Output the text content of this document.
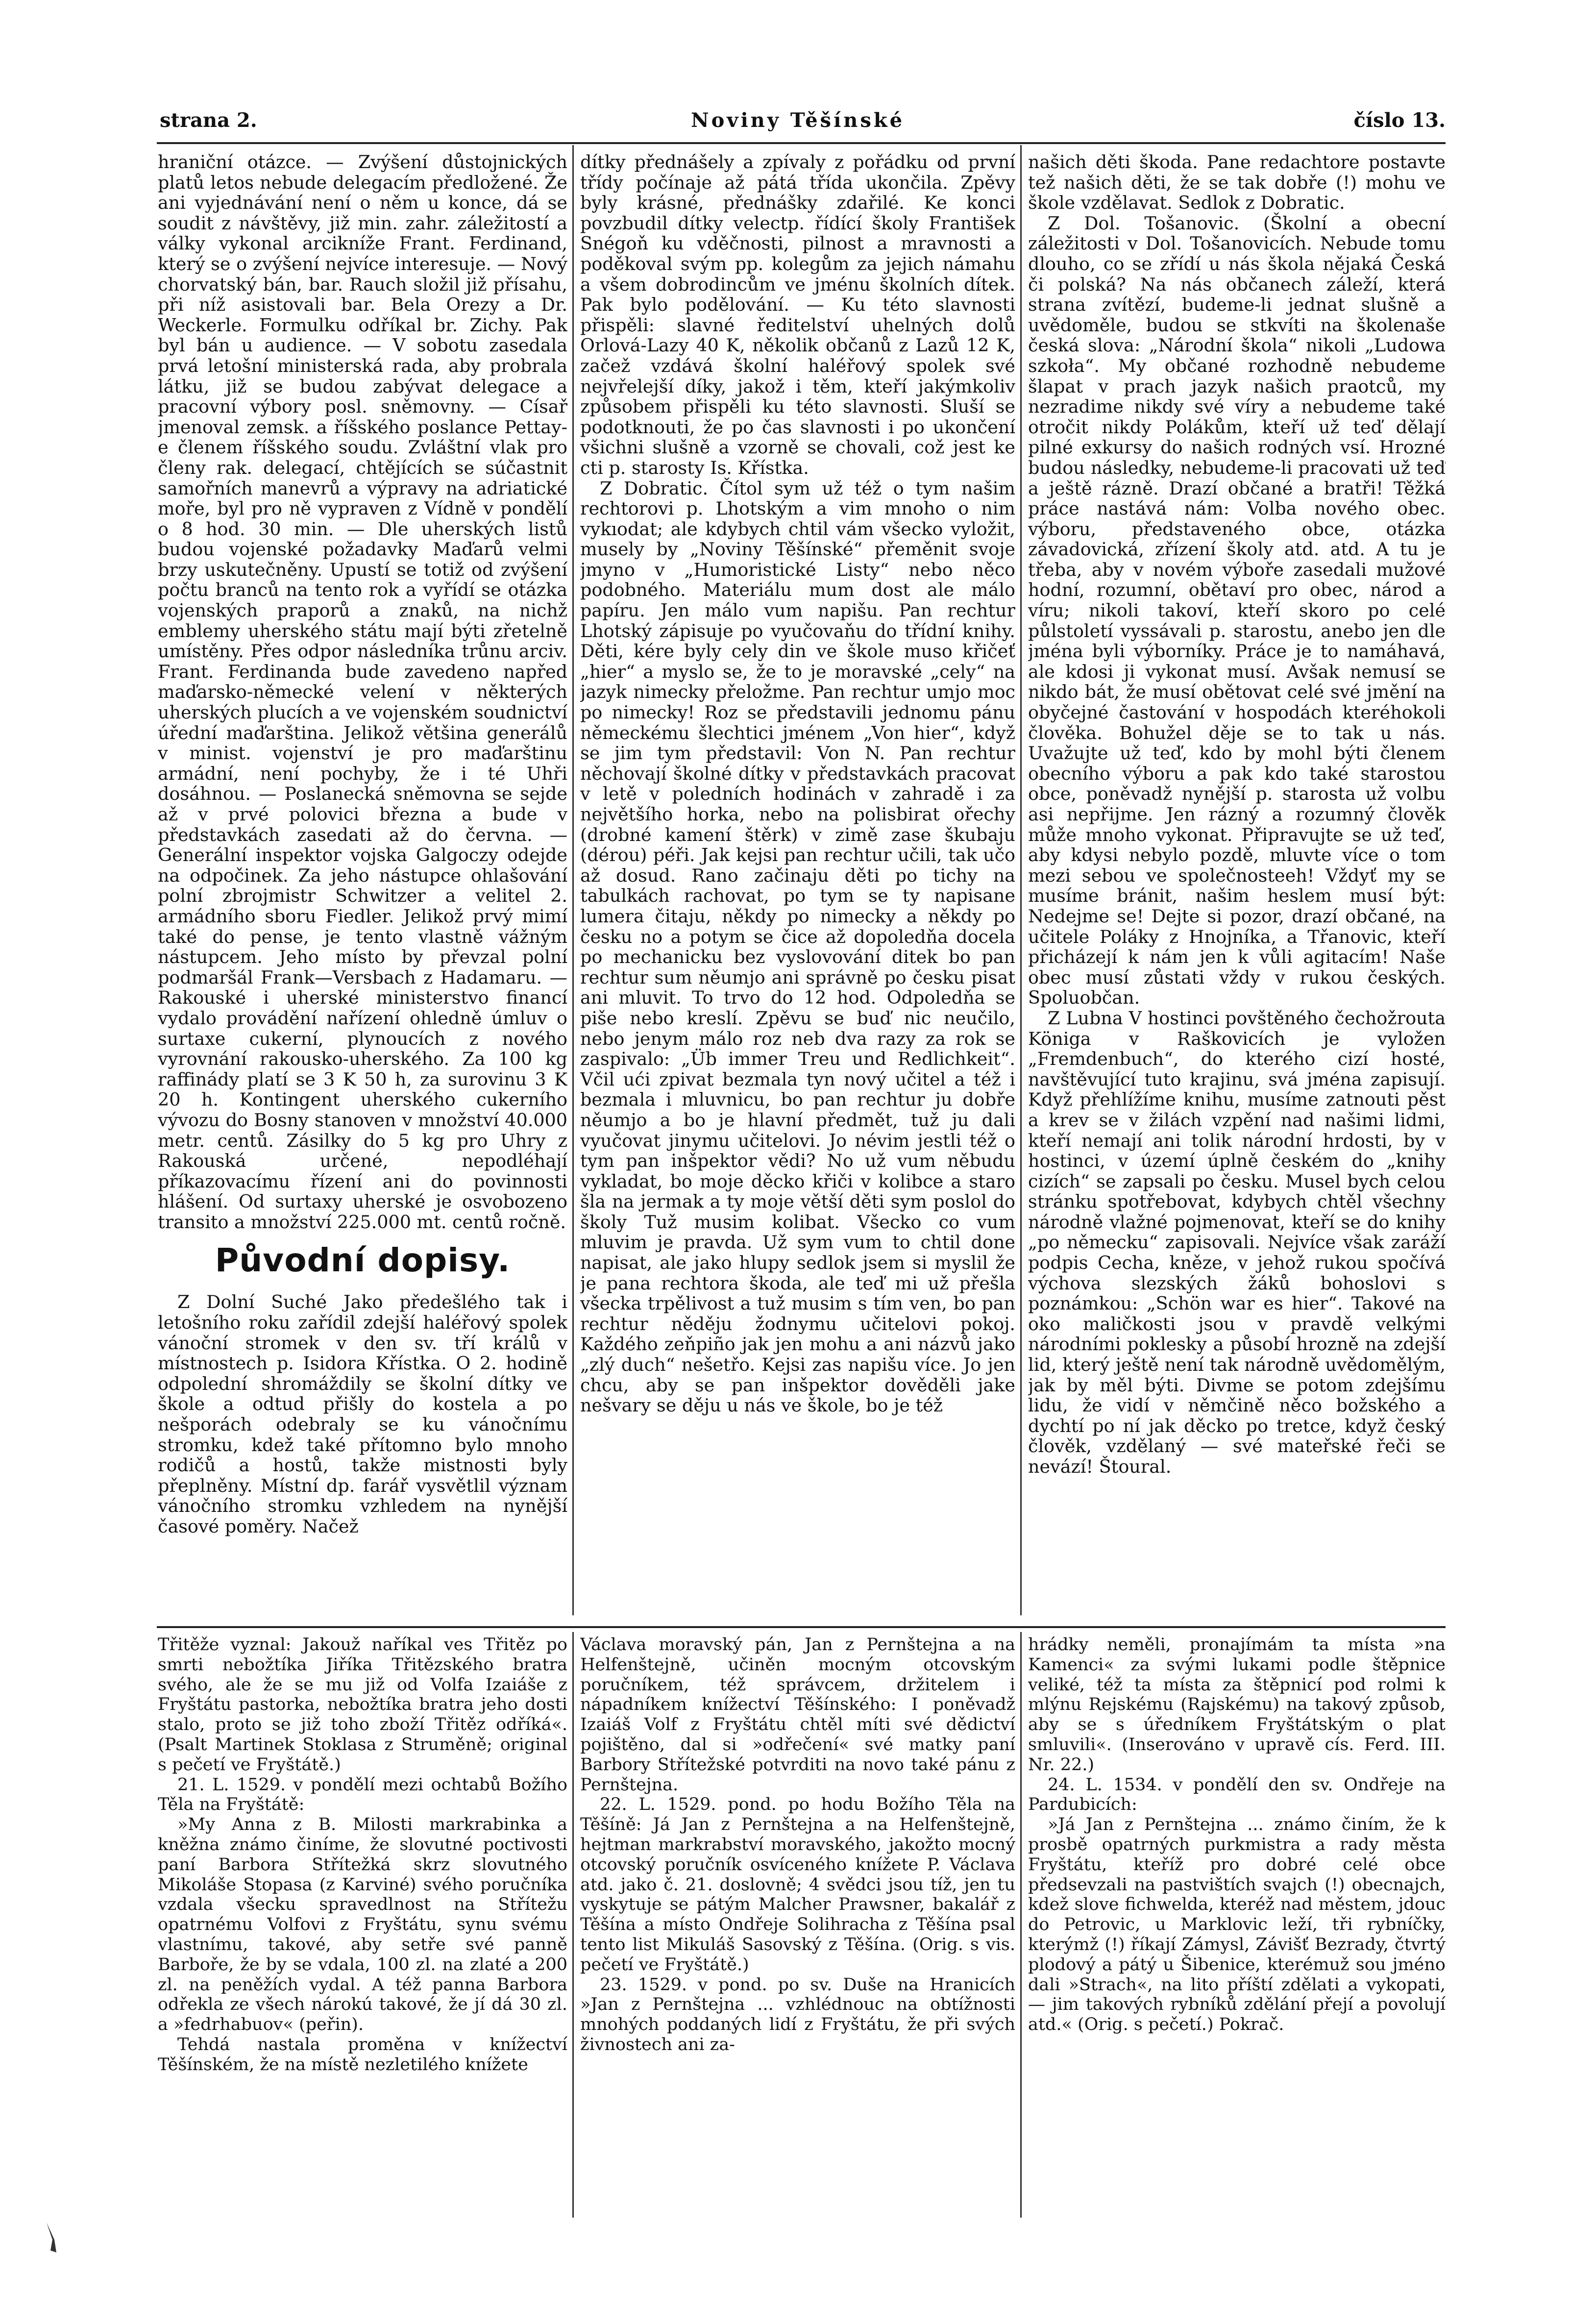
strana 2.	Noviny Těšínské	číslo 13.

hraniční otázce. — Zvýšení důstojnických platů letos nebude delegacím předložené. Že ani vyjednávání není o něm u konce, dá se soudit z návštěvy, již min. zahr. záležitostí a války vykonal arcikníže Frant. Ferdinand, který se o zvýšení nejvíce interesuje. — Nový chorvatský bán, bar. Rauch složil již přísahu, při níž asistovali bar. Bela Orezy a Dr. Weckerle. Formulku odříkal br. Zichy. Pak byl bán u audience. — V sobotu zasedala prvá letošní ministerská rada, aby probrala látku, již se budou zabývat delegace a pracovní výbory posl. sněmovny. — Císař jmenoval zemsk. a říšského poslance Pettay-e členem říšského soudu. Zvláštní vlak pro členy rak. delegací, chtějících se súčastnit samořních manevrů a výpravy na adriatické moře, byl pro ně vypraven z Vídně v pondělí o 8 hod. 30 min. — Dle uherských listů budou vojenské požadavky Maďarů velmi brzy uskutečněny. Upustí se totiž od zvýšení počtu branců na tento rok a vyřídí se otázka vojenských praporů a znaků, na nichž emblemy uherského státu mají býti zřetelně umístěny. Přes odpor následníka trůnu arciv. Frant. Ferdinanda bude zavedeno napřed maďarsko-německé velení v některých uherských plucích a ve vojenském soudnictví úřední maďarština. Jelikož většina generálů v minist. vojenství je pro maďarštinu armádní, není pochyby, že i té Uhři dosáhnou. — Poslanecká sněmovna se sejde až v prvé polovici března a bude v představkách zasedati až do června. — Generální inspektor vojska Galgoczy odejde na odpočinek. Za jeho nástupce ohlašování polní zbrojmistr Schwitzer a velitel 2. armádního sboru Fiedler. Jelikož prvý mimí také do pense, je tento vlastně vážným nástupcem. Jeho místo by převzal polní podmaršál Frank—Versbach z Hadamaru. — Rakouské i uherské ministerstvo financí vydalo provádění nařízení ohledně úmluv o surtaxe cukerní, plynoucích z nového vyrovnání rakousko-uherského. Za 100 kg raffinády platí se 3 K 50 h, za surovinu 3 K 20 h. Kontingent uherského cukerního vývozu do Bosny stanoven v množství 40.000 metr. centů. Zásilky do 5 kg pro Uhry z Rakouská určené, nepodléhají příkazovacímu řízení ani do povinnosti hlášení. Od surtaxy uherské je osvobozeno transito a množství 225.000 mt. centů ročně.

Původní dopisy.

Z Dolní Suché Jako předešlého tak i letošního roku zařídil zdejší haléřový spolek vánoční stromek v den sv. tří králů v místnostech p. Isidora Křístka. O 2. hodině odpolední shromáždily se školní dítky ve škole a odtud přišly do kostela a po nešporách odebraly se ku vánočnímu stromku, kdež také přítomno bylo mnoho rodičů a hostů, takže mistnosti byly přeplněny. Místní dp. farář vysvětlil význam vánočního stromku vzhledem na nynější časové poměry. Načež

dítky přednášely a zpívaly z pořádku od první třídy počínaje až pátá třída ukončila. Zpěvy byly krásné, přednášky zdařilé. Ke konci povzbudil dítky velectp. řídící školy František Snégoň ku vděčnosti, pilnost a mravnosti a poděkoval svým pp. kolegům za jejich námahu a všem dobrodincům ve jménu školních dítek. Pak bylo podělování. — Ku této slavnosti přispěli: slavné ředitelství uhelných dolů Orlová-Lazy 40 K, několik občanů z Lazů 12 K, začež vzdává školní haléřový spolek své nejvřelejší díky, jakož i těm, kteří jakýmkoliv způsobem přispěli ku této slavnosti. Sluší se podotknouti, že po čas slavnosti i po ukončení všichni slušně a vzorně se chovali, což jest ke cti p. starosty Is. Křístka.

Z Dobratic. Čítol sym už též o tym našim rechtorovi p. Lhotským a vim mnoho o nim vykıodat; ale kdybych chtil vám všecko vyložit, musely by „Noviny Těšínské“ přeměnit svoje jmyno v „Humoristické Listy“ nebo něco podobného. Materiálu mum dost ale málo papíru. Jen málo vum napišu. Pan rechtur Lhotský zápisuje po vyučovaňu do třídní knihy. Děti, kére byly cely din ve škole muso křičeť „hier“ a myslo se, že to je moravské „cely“ na jazyk nimecky přeložme. Pan rechtur umjo moc po nimecky! Roz se představili jednomu pánu německému šlechtici jménem „Von hier“, když se jim tym představil: Von N. Pan rechtur něchovají školné dítky v představkách pracovat v letě v poledních hodinách v zahradě i za největšího horka, nebo na polisbirat ořechy (drobné kamení štěrk) v zimě zase škubaju (dérou) péři. Jak kejsi pan rechtur učili, tak učo až dosud. Rano začinaju děti po tichy na tabulkách rachovat, po tym se ty napisane lumera čitaju, někdy po nimecky a někdy po česku no a potym se čice až dopoledňa docela po mechanicku bez vyslovování ditek bo pan rechtur sum něumjo ani správně po česku pisat ani mluvit. To trvo do 12 hod. Odpoledňa se piše nebo kreslí. Zpěvu se buď nic neučilo, nebo jenym málo roz neb dva razy za rok se zaspivalo: „Üb immer Treu und Redlichkeit“. Včil ući zpivat bezmala tyn nový učitel a též i bezmala i mluvnicu, bo pan rechtur ju dobře něumjo a bo je hlavní předmět, tuž ju dali vyučovat jinymu učitelovi. Jo névim jestli též o tym pan inšpektor vědi? No už vum něbudu vykladat, bo moje děcko křiči v kolibce a staro šla na jermak a ty moje větší děti sym poslol do školy Tuž musim kolibat. Všecko co vum mluvim je pravda. Už sym vum to chtil done napisat, ale jako hlupy sedlok jsem si myslil že je pana rechtora škoda, ale teď mi už přešla všecka trpělivost a tuž musim s tím ven, bo pan rechtur něděju žodnymu učitelovi pokoj. Každého zeňpiño jak jen mohu a ani názvů jako „zlý duch“ nešetřo. Kejsi zas napišu více. Jo jen chcu, aby se pan inšpektor dověděli jake nešvary se děju u nás ve škole, bo je též

našich děti škoda. Pane redachtore postavte tež našich děti, že se tak dobře (!) mohu ve škole vzdělavat. Sedlok z Dobratic.

Z Dol. Tošanovic. (Školní a obecní záležitosti v Dol. Tošanovicích. Nebude tomu dlouho, co se zřídí u nás škola nějaká Česká či polská? Na nás občanech záleží, která strana zvítězí, budeme-li jednat slušně a uvědoměle, budou se stkvíti na školenaše česká slova: „Národní škola“ nikoli „Ludowa szkoła“. My občané rozhodně nebudeme šlapat v prach jazyk našich praotců, my nezradime nikdy své víry a nebudeme také otročit nikdy Polákům, kteří už teď dělají pilné exkursy do našich rodných vsí. Hrozné budou následky, nebudeme-li pracovati už teď a ještě rázně. Drazí občané a bratři! Těžká práce nastává nám: Volba nového obec. výboru, představeného obce, otázka závadovická, zřízení školy atd. atd. A tu je třeba, aby v novém výboře zasedali mužové hodní, rozumní, obětaví pro obec, národ a víru; nikoli takoví, kteří skoro po celé půlstoletí vyssávali p. starostu, anebo jen dle jména byli výborníky. Práce je to namáhavá, ale kdosi ji vykonat musí. Avšak nemusí se nikdo bát, že musí obětovat celé své jmění na obyčejné častování v hospodách kteréhokoli člověka. Bohužel děje se to tak u nás. Uvažujte už teď, kdo by mohl býti členem obecního výboru a pak kdo také starostou obce, poněvadž nynější p. starosta už volbu asi nepřijme. Jen rázný a rozumný člověk může mnoho vykonat. Připravujte se už teď, aby kdysi nebylo pozdě, mluvte více o tom mezi sebou ve společnosteeh! Vždyť my se musíme bránit, našim heslem musí být: Nedejme se! Dejte si pozor, drazí občané, na učitele Poláky z Hnojníka, a Třanovic, kteří přicházejí k nám jen k vůli agitacím! Naše obec musí zůstati vždy v rukou českých. Spoluobčan.

Z Lubna V hostinci povštěného čechožrouta Königa v Raškovicích je vyložen „Fremdenbuch“, do kterého cizí hosté, navštěvující tuto krajinu, svá jména zapisují. Když přehlížíme knihu, musíme zatnouti pěst a krev se v žilách vzpění nad našimi lidmi, kteří nemají ani tolik národní hrdosti, by v hostinci, v území úplně českém do „knihy cizích“ se zapsali po česku. Musel bych celou stránku spotřebovat, kdybych chtěl všechny národně vlažné pojmenovat, kteří se do knihy „po německu“ zapisovali. Nejvíce však zaráží podpis Cecha, kněze, v jehož rukou spočívá výchova slezských žáků bohoslovi s poznámkou: „Schön war es hier“. Takové na oko maličkosti jsou v pravdě velkými národními poklesky a působí hrozně na zdejší lid, který ještě není tak národně uvědomělým, jak by měl býti. Divme se potom zdejšímu lidu, že vidí v němčině něco božského a dychtí po ní jak děcko po tretce, když český člověk, vzdělaný — své mateřské řeči se nevází! Štoural.

Třitěže vyznal: Jakouž naříkal ves Třitěz po smrti nebožtíka Jiříka Třitězského bratra svého, ale že se mu již od Volfa Izaiáše z Fryštátu pastorka, nebožtíka bratra jeho dosti stalo, proto se již toho zboží Třitěz odříká«. (Psalt Martinek Stoklasa z Struměně; original s pečetí ve Fryštátě.)

21. L. 1529. v pondělí mezi ochtabů Božího Těla na Fryštátě:

»My Anna z B. Milosti markrabinka a kněžna známo činíme, že slovutné poctivosti paní Barbora Střítežká skrz slovutného Mikoláše Stopasa (z Karviné) svého poručníka vzdala všecku spravedlnost na Střítežu opatrnému Volfovi z Fryštátu, synu svému vlastnímu, takové, aby setře své panně Barboře, že by se vdala, 100 zl. na zlaté a 200 zl. na peněžích vydal. A též panna Barbora odřekla ze všech nárokú takové, že jí dá 30 zl. a »fedrhabuov« (peřin).

Tehdá nastala proměna v knížectví Těšínském, že na místě nezletilého knížete

Václava moravský pán, Jan z Pernštejna a na Helfenštejně, učiněn mocným otcovským poručníkem, též správcem, držitelem i nápadníkem knížectví Těšínského: I poněvadž Izaiáš Volf z Fryštátu chtěl míti své dědictví pojištěno, dal si »odřečení« své matky paní Barbory Střítežské potvrditi na novo také pánu z Pernštejna.

22. L. 1529. pond. po hodu Božího Těla na Těšíně: Já Jan z Pernštejna a na Helfenštejně, hejtman markrabství moravského, jakožto mocný otcovský poručník osvíceného knížete P. Václava atd. jako č. 21. doslovně; 4 svědci jsou tíž, jen tu vyskytuje se pátým Malcher Prawsner, bakalář z Těšína a místo Ondřeje Solihracha z Těšína psal tento list Mikuláš Sasovský z Těšína. (Orig. s vis. pečetí ve Fryštátě.)

23. 1529. v pond. po sv. Duše na Hranicích »Jan z Pernštejna ... vzhlédnouc na obtížnosti mnohých poddaných lidí z Fryštátu, že při svých živnostech ani za-

hrádky neměli, pronajímám ta místa »na Kamenci« za svými lukami podle štěpnice veliké, též ta místa za štěpnicí pod rolmi k mlýnu Rejskému (Rajskému) na takový způsob, aby se s úředníkem Fryštátským o plat smluvili«. (Inserováno v upravě cís. Ferd. III. Nr. 22.)

24. L. 1534. v pondělí den sv. Ondřeje na Pardubicích:

»Já Jan z Pernštejna ... známo činím, že k prosbě opatrných purkmistra a rady města Fryštátu, kteříž pro dobré celé obce předsevzali na pastvištích svajch (!) obecnajch, kdež slove fichwelda, kteréž nad městem, jdouc do Petrovic, u Marklovic leží, tři rybníčky, kterýmž (!) říkají Zámysl, Závišť Bezrady, čtvrtý plodový a pátý u Šibenice, kterémuž sou jméno dali »Strach«, na lito příští zdělati a vykopati, — jim takových rybníků zdělání přejí a povolují atd.« (Orig. s pečetí.) Pokrač.
